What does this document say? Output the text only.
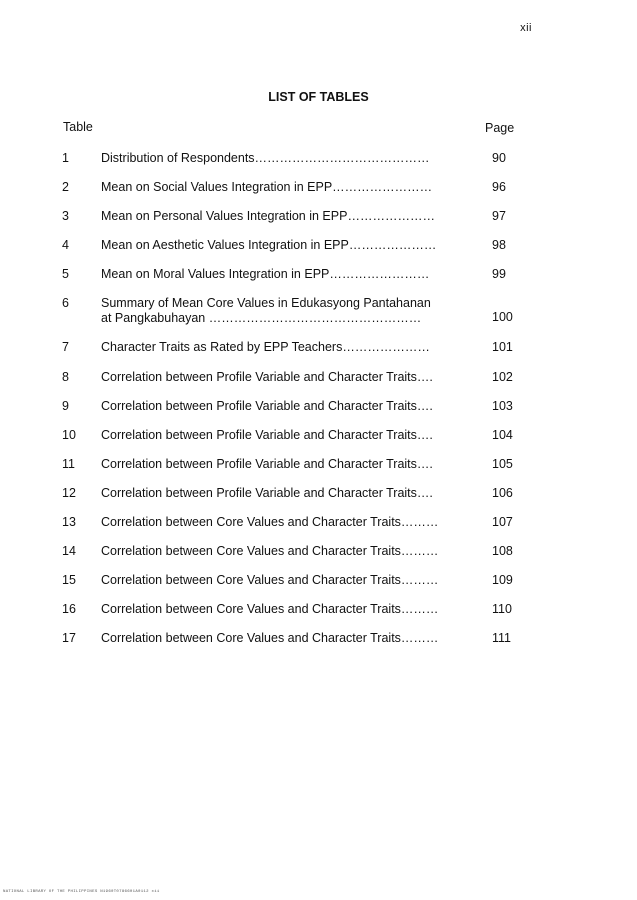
xii
LIST OF TABLES
Table	Page
1	Distribution of Respondents……………………………………	90
2	Mean on Social Values Integration in EPP……………………	96
3	Mean on Personal Values Integration in EPP…………………	97
4	Mean on Aesthetic Values Integration in EPP…………………	98
5	Mean on Moral Values Integration in EPP……………………	99
6	Summary of Mean Core Values in Edukasyong Pantahanan
at Pangkabuhayan ……………………………………………	100
7	Character Traits as Rated by EPP Teachers…………………	101
8	Correlation between Profile Variable and Character Traits….	102
9	Correlation between Profile Variable and Character Traits….	103
10 Correlation between Profile Variable and Character Traits….	104
11 Correlation between Profile Variable and Character Traits….	105
12 Correlation between Profile Variable and Character Traits….	106
13 Correlation between Core Values and Character Traits………	107
14 Correlation between Core Values and Character Traits………	108
15 Correlation between Core Values and Character Traits………	109
16 Correlation between Core Values and Character Traits………	110
17 Correlation between Core Values and Character Traits………	111
NATIONAL LIBRARY OF THE PHILIPPINES N1960T0786601A0112 xii
